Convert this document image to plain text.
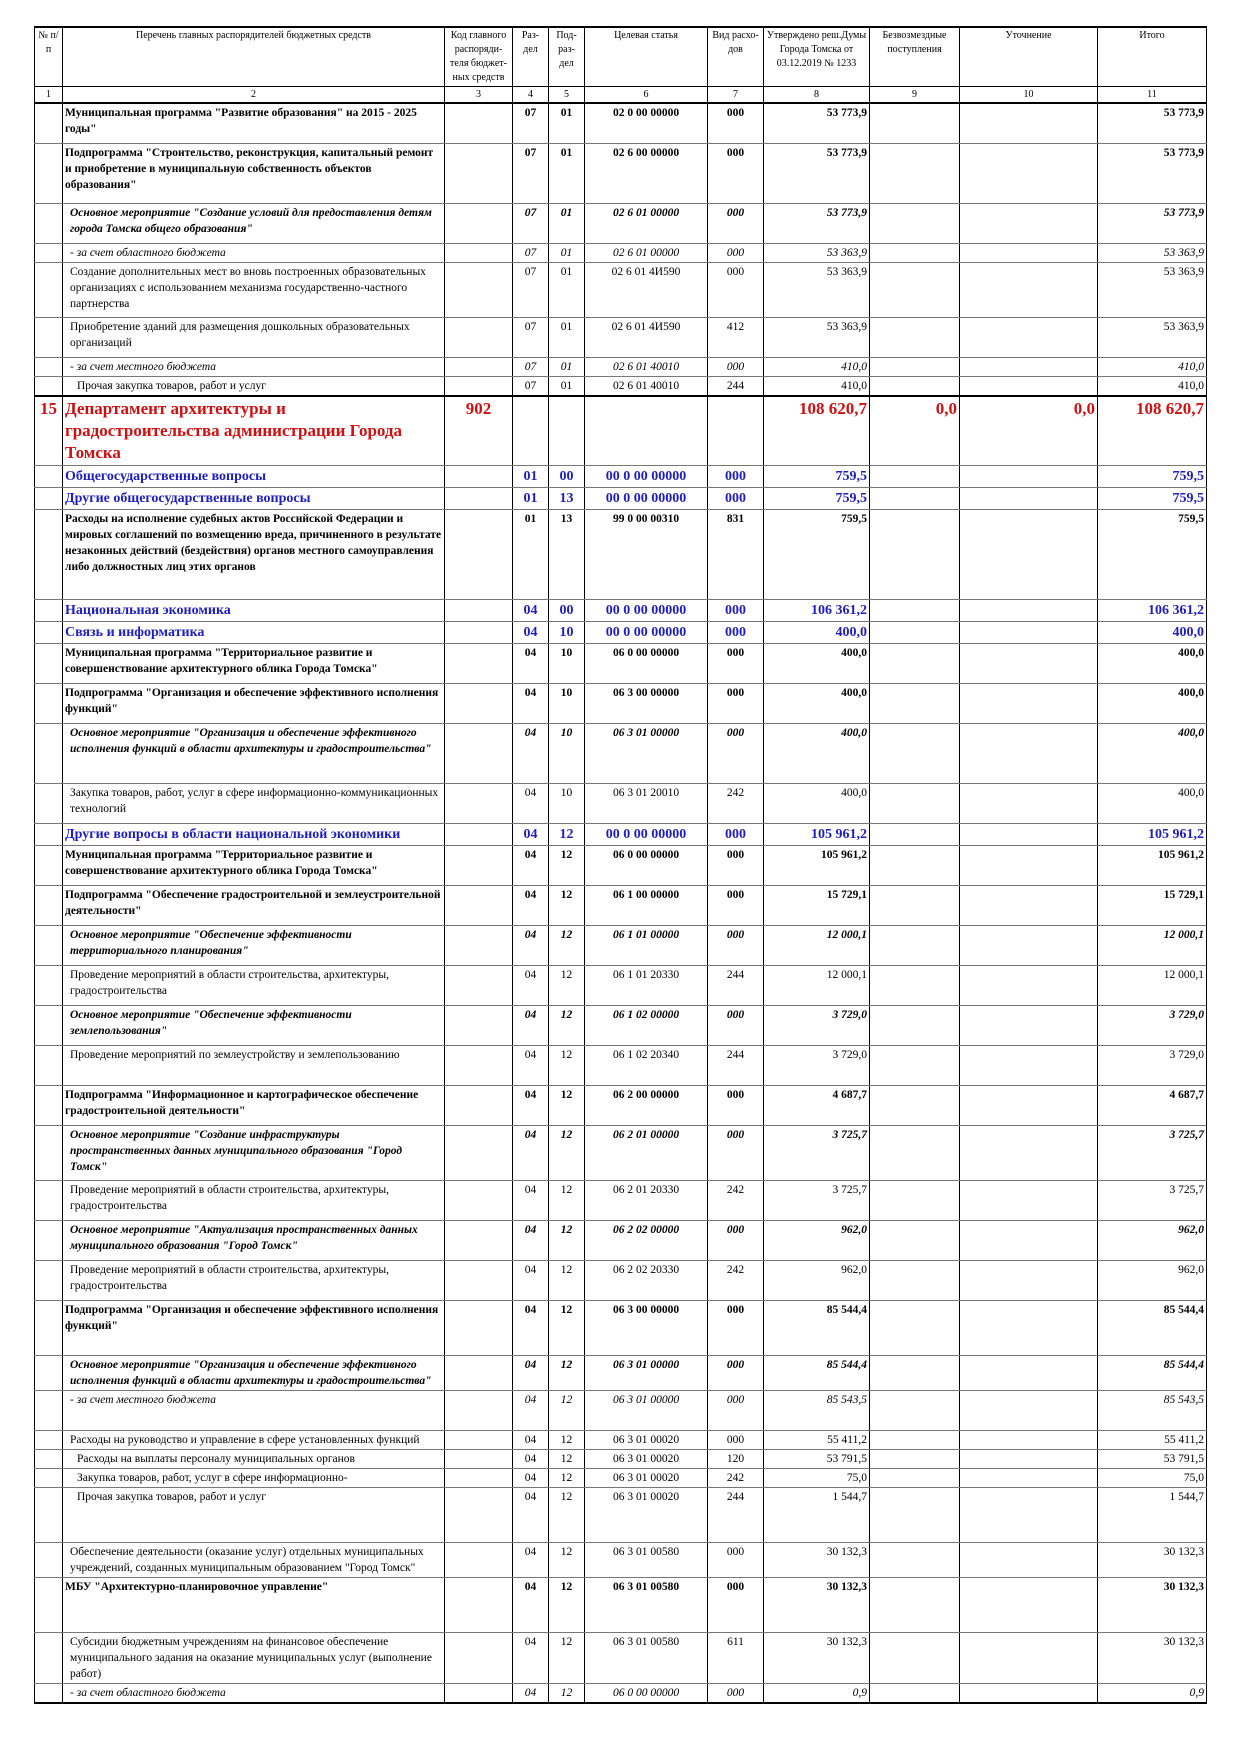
№ п/п	Перечень главных распорядителей бюджетных средств	Код главного распоряди-теля бюджет-ных средств	Раз-дел	Под-раз-дел	Целевая статья	Вид расхо-дов	Утверждено реш.Думы Города Томска от 03.12.2019 № 1233	Безвозмездные поступления	Уточнение	Итого
1	2	3	4	5	6	7	8	9	10	11
	Муниципальная программа "Развитие образования" на 2015 - 2025 годы"		07	01	02 0 00 00000	000	53 773,9			53 773,9
	Подпрограмма "Строительство, реконструкция, капитальный ремонт и приобретение в муниципальную собственность объектов образования"		07	01	02 6 00 00000	000	53 773,9			53 773,9
	Основное мероприятие "Создание условий для предоставления детям города Томска общего образования"		07	01	02 6 01 00000	000	53 773,9			53 773,9
	- за счет областного бюджета		07	01	02 6 01 00000	000	53 363,9			53 363,9
	Создание дополнительных мест во вновь построенных образовательных организациях с использованием механизма государственно-частного партнерства		07	01	02 6 01 4И590	000	53 363,9			53 363,9
	Приобретение зданий для размещения дошкольных образовательных организаций		07	01	02 6 01 4И590	412	53 363,9			53 363,9
	- за счет местного бюджета		07	01	02 6 01 40010	000	410,0			410,0
	Прочая закупка товаров, работ и услуг		07	01	02 6 01 40010	244	410,0			410,0
15	Департамент архитектуры и градостроительства администрации Города Томска	902					108 620,7	0,0	0,0	108 620,7
	Общегосударственные вопросы		01	00	00 0 00 00000	000	759,5			759,5
	Другие общегосударственные вопросы		01	13	00 0 00 00000	000	759,5			759,5
	Расходы на исполнение судебных актов Российской Федерации и мировых соглашений по возмещению вреда, причиненного в результате незаконных действий (бездействия) органов местного самоуправления либо должностных лиц этих органов		01	13	99 0 00 00310	831	759,5			759,5
	Национальная экономика		04	00	00 0 00 00000	000	106 361,2			106 361,2
	Связь и информатика		04	10	00 0 00 00000	000	400,0			400,0
	Муниципальная программа "Территориальное развитие и совершенствование архитектурного облика Города Томска"		04	10	06 0 00 00000	000	400,0			400,0
	Подпрограмма "Организация и обеспечение эффективного исполнения функций"		04	10	06 3 00 00000	000	400,0			400,0
	Основное мероприятие "Организация и обеспечение эффективного исполнения функций в области архитектуры и градостроительства"		04	10	06 3 01 00000	000	400,0			400,0
	Закупка товаров, работ, услуг в сфере информационно-коммуникационных технологий		04	10	06 3 01 20010	242	400,0			400,0
	Другие вопросы в области национальной экономики		04	12	00 0 00 00000	000	105 961,2			105 961,2
	Муниципальная программа "Территориальное развитие и совершенствование архитектурного облика Города Томска"		04	12	06 0 00 00000	000	105 961,2			105 961,2
	Подпрограмма "Обеспечение градостроительной и землеустроительной деятельности"		04	12	06 1 00 00000	000	15 729,1			15 729,1
	Основное мероприятие "Обеспечение эффективности территориального планирования"		04	12	06 1 01 00000	000	12 000,1			12 000,1
	Проведение мероприятий в области строительства, архитектуры, градостроительства		04	12	06 1 01 20330	244	12 000,1			12 000,1
	Основное мероприятие "Обеспечение эффективности землепользования"		04	12	06 1 02 00000	000	3 729,0			3 729,0
	Проведение мероприятий по землеустройству и землепользованию		04	12	06 1 02 20340	244	3 729,0			3 729,0
	Подпрограмма "Информационное и картографическое обеспечение градостроительной деятельности"		04	12	06 2 00 00000	000	4 687,7			4 687,7
	Основное мероприятие "Создание инфраструктуры пространственных данных муниципального образования "Город Томск"		04	12	06 2 01 00000	000	3 725,7			3 725,7
	Проведение мероприятий в области строительства, архитектуры, градостроительства		04	12	06 2 01 20330	242	3 725,7			3 725,7
	Основное мероприятие "Актуализация пространственных данных муниципального образования "Город Томск"		04	12	06 2 02 00000	000	962,0			962,0
	Проведение мероприятий в области строительства, архитектуры, градостроительства		04	12	06 2 02 20330	242	962,0			962,0
	Подпрограмма "Организация и обеспечение эффективного исполнения функций"		04	12	06 3 00 00000	000	85 544,4			85 544,4
	Основное мероприятие "Организация и обеспечение эффективного исполнения функций в области архитектуры и градостроительства"		04	12	06 3 01 00000	000	85 544,4			85 544,4
	- за счет местного бюджета		04	12	06 3 01 00000	000	85 543,5			85 543,5
	Расходы на руководство и управление в сфере установленных функций		04	12	06 3 01 00020	000	55 411,2			55 411,2
	Расходы на выплаты персоналу муниципальных органов		04	12	06 3 01 00020	120	53 791,5			53 791,5
	Закупка товаров, работ, услуг в сфере информационно-		04	12	06 3 01 00020	242	75,0			75,0
	Прочая закупка товаров, работ и услуг		04	12	06 3 01 00020	244	1 544,7			1 544,7
	Обеспечение деятельности (оказание услуг) отдельных муниципальных учреждений, созданных муниципальным образованием "Город Томск"		04	12	06 3 01 00580	000	30 132,3			30 132,3
	МБУ "Архитектурно-планировочное управление"		04	12	06 3 01 00580	000	30 132,3			30 132,3
	Субсидии бюджетным учреждениям на финансовое обеспечение муниципального задания на оказание муниципальных услуг (выполнение работ)		04	12	06 3 01 00580	611	30 132,3			30 132,3
	- за счет областного бюджета		04	12	06 0 00 00000	000	0,9			0,9
